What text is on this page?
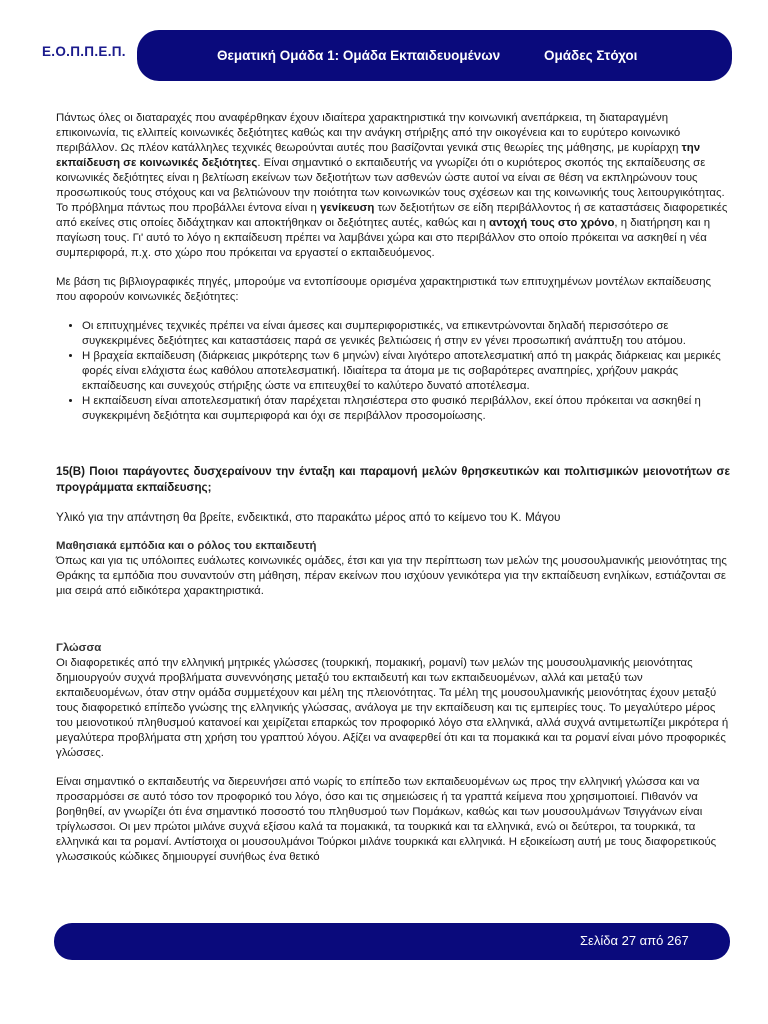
Ε.Ο.Π.Π.Ε.Π.	Θεματική Ομάδα 1: Ομάδα Εκπαιδευομένων	Ομάδες Στόχοι

Πάντως όλες οι διαταραχές που αναφέρθηκαν έχουν ιδιαίτερα χαρακτηριστικά την κοινωνική ανεπάρκεια, τη διαταραγμένη επικοινωνία, τις ελλιπείς κοινωνικές δεξιότητες καθώς και την ανάγκη στήριξης από την οικογένεια και το ευρύτερο κοινωνικό περιβάλλον. Ως πλέον κατάλληλες τεχνικές θεωρούνται αυτές που βασίζονται γενικά στις θεωρίες της μάθησης, με κυρίαρχη την εκπαίδευση σε κοινωνικές δεξιότητες. Είναι σημαντικό ο εκπαιδευτής να γνωρίζει ότι ο κυριότερος σκοπός της εκπαίδευσης σε κοινωνικές δεξιότητες είναι η βελτίωση εκείνων των δεξιοτήτων των ασθενών ώστε αυτοί να είναι σε θέση να εκπληρώνουν τους προσωπικούς τους στόχους και να βελτιώνουν την ποιότητα των κοινωνικών τους σχέσεων και της κοινωνικής τους λειτουργικότητας. Το πρόβλημα πάντως που προβάλλει έντονα είναι η γενίκευση των δεξιοτήτων σε είδη περιβάλλοντος ή σε καταστάσεις διαφορετικές από εκείνες στις οποίες διδάχτηκαν και αποκτήθηκαν οι δεξιότητες αυτές, καθώς και η αντοχή τους στο χρόνο, η διατήρηση και η παγίωση τους. Γι' αυτό το λόγο η εκπαίδευση πρέπει να λαμβάνει χώρα και στο περιβάλλον στο οποίο πρόκειται να ασκηθεί η νέα συμπεριφορά, π.χ. στο χώρο που πρόκειται να εργαστεί ο εκπαιδευόμενος.

Με βάση τις βιβλιογραφικές πηγές, μπορούμε να εντοπίσουμε ορισμένα χαρακτηριστικά των επιτυχημένων μοντέλων εκπαίδευσης που αφορούν κοινωνικές δεξιότητες:

• Οι επιτυχημένες τεχνικές πρέπει να είναι άμεσες και συμπεριφοριστικές, να επικεντρώνονται δηλαδή περισσότερο σε συγκεκριμένες δεξιότητες και καταστάσεις παρά σε γενικές βελτιώσεις ή στην εν γένει προσωπική ανάπτυξη του ατόμου.
• Η βραχεία εκπαίδευση (διάρκειας μικρότερης των 6 μηνών) είναι λιγότερο αποτελεσματική από τη μακράς διάρκειας και μερικές φορές είναι ελάχιστα έως καθόλου αποτελεσματική. Ιδιαίτερα τα άτομα με τις σοβαρότερες αναπηρίες, χρήζουν μακράς εκπαίδευσης και συνεχούς στήριξης ώστε να επιτευχθεί το καλύτερο δυνατό αποτέλεσμα.
• Η εκπαίδευση είναι αποτελεσματική όταν παρέχεται πλησιέστερα στο φυσικό περιβάλλον, εκεί όπου πρόκειται να ασκηθεί η συγκεκριμένη δεξιότητα και συμπεριφορά και όχι σε περιβάλλον προσομοίωσης.

15(Β) Ποιοι παράγοντες δυσχεραίνουν την ένταξη και παραμονή μελών θρησκευτικών και πολιτισμικών μειονοτήτων σε προγράμματα εκπαίδευσης;

Υλικό για την απάντηση θα βρείτε, ενδεικτικά, στο παρακάτω μέρος από το κείμενο του Κ. Μάγου

Μαθησιακά εμπόδια και ο ρόλος του εκπαιδευτή

Όπως και για τις υπόλοιπες ευάλωτες κοινωνικές ομάδες, έτσι και για την περίπτωση των μελών της μουσουλμανικής μειονότητας της Θράκης τα εμπόδια που συναντούν στη μάθηση, πέραν εκείνων που ισχύουν γενικότερα για την εκπαίδευση ενηλίκων, εστιάζονται σε μια σειρά από ειδικότερα χαρακτηριστικά.

Γλώσσα

Οι διαφορετικές από την ελληνική μητρικές γλώσσες (τουρκική, πομακική, ρομανί) των μελών της μουσουλμανικής μειονότητας δημιουργούν συχνά προβλήματα συνεννόησης μεταξύ του εκπαιδευτή και των εκπαιδευομένων, αλλά και μεταξύ των εκπαιδευομένων, όταν στην ομάδα συμμετέχουν και μέλη της πλειονότητας. Τα μέλη της μουσουλμανικής μειονότητας έχουν μεταξύ τους διαφορετικό επίπεδο γνώσης της ελληνικής γλώσσας, ανάλογα με την εκπαίδευση και τις εμπειρίες τους. Το μεγαλύτερο μέρος του μειονοτικού πληθυσμού κατανοεί και χειρίζεται επαρκώς τον προφορικό λόγο στα ελληνικά, αλλά συχνά αντιμετωπίζει μικρότερα ή μεγαλύτερα προβλήματα στη χρήση του γραπτού λόγου. Αξίζει να αναφερθεί ότι και τα πομακικά και τα ρομανί είναι μόνο προφορικές γλώσσες.

Είναι σημαντικό ο εκπαιδευτής να διερευνήσει από νωρίς το επίπεδο των εκπαιδευομένων ως προς την ελληνική γλώσσα και να προσαρμόσει σε αυτό τόσο τον προφορικό του λόγο, όσο και τις σημειώσεις ή τα γραπτά κείμενα που χρησιμοποιεί. Πιθανόν να βοηθηθεί, αν γνωρίζει ότι ένα σημαντικό ποσοστό του πληθυσμού των Πομάκων, καθώς και των μουσουλμάνων Τσιγγάνων είναι τρίγλωσσοι. Οι μεν πρώτοι μιλάνε συχνά εξίσου καλά τα πομακικά, τα τουρκικά και τα ελληνικά, ενώ οι δεύτεροι, τα τουρκικά, τα ελληνικά και τα ρομανί. Αντίστοιχα οι μουσουλμάνοι Τούρκοι μιλάνε τουρκικά και ελληνικά. Η εξοικείωση αυτή με τους διαφορετικούς γλωσσικούς κώδικες δημιουργεί συνήθως ένα θετικό

Σελίδα 27 από 267
